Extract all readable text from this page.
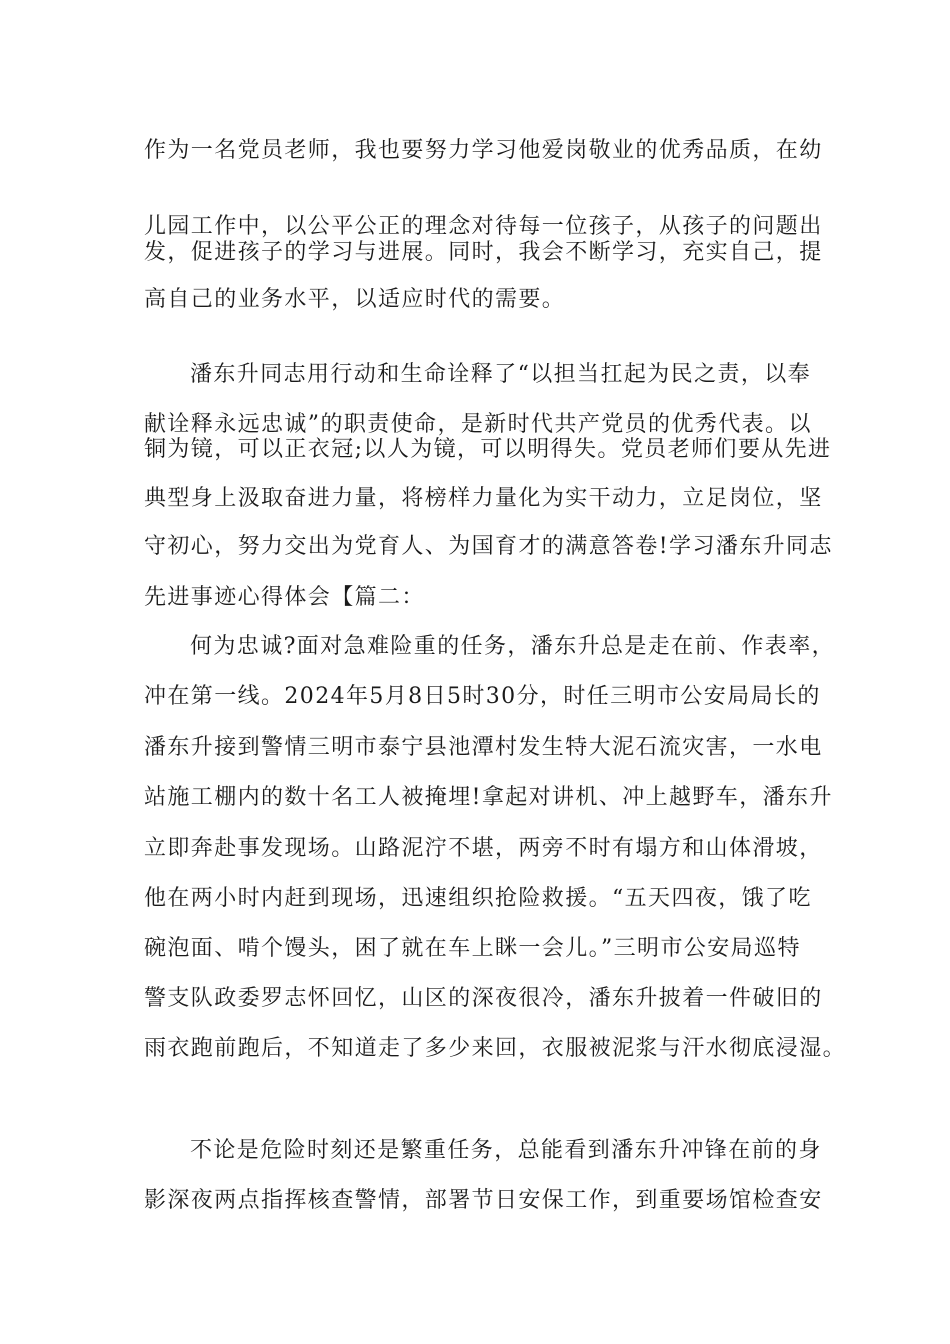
作为一名党员老师，我也要努力学习他爱岗敬业的优秀品质，在幼
儿园工作中，以公平公正的理念对待每一位孩子，从孩子的问题出
发，促进孩子的学习与进展。同时，我会不断学习，充实自己，提
高自己的业务水平，以适应时代的需要。
潘东升同志用行动和生命诠释了“以担当扛起为民之责，以奉
献诠释永远忠诚”的职责使命，是新时代共产党员的优秀代表。以
铜为镜，可以正衣冠;以人为镜，可以明得失。党员老师们要从先进
典型身上汲取奋进力量，将榜样力量化为实干动力，立足岗位，坚
守初心，努力交出为党育人、为国育才的满意答卷!学习潘东升同志
先进事迹心得体会【篇二：
何为忠诚?面对急难险重的任务，潘东升总是走在前、作表率，
冲在第一线。2024年5月8日5时30分，时任三明市公安局局长的
潘东升接到警情三明市泰宁县池潭村发生特大泥石流灾害，一水电
站施工棚内的数十名工人被掩埋!拿起对讲机、冲上越野车，潘东升
立即奔赴事发现场。山路泥泞不堪，两旁不时有塌方和山体滑坡，
他在两小时内赶到现场，迅速组织抢险救援。“五天四夜，饿了吃
碗泡面、啃个馒头，困了就在车上眯一会儿。”三明市公安局巡特
警支队政委罗志怀回忆，山区的深夜很冷，潘东升披着一件破旧的
雨衣跑前跑后，不知道走了多少来回，衣服被泥浆与汗水彻底浸湿。
不论是危险时刻还是繁重任务，总能看到潘东升冲锋在前的身
影深夜两点指挥核查警情，部署节日安保工作，到重要场馆检查安
